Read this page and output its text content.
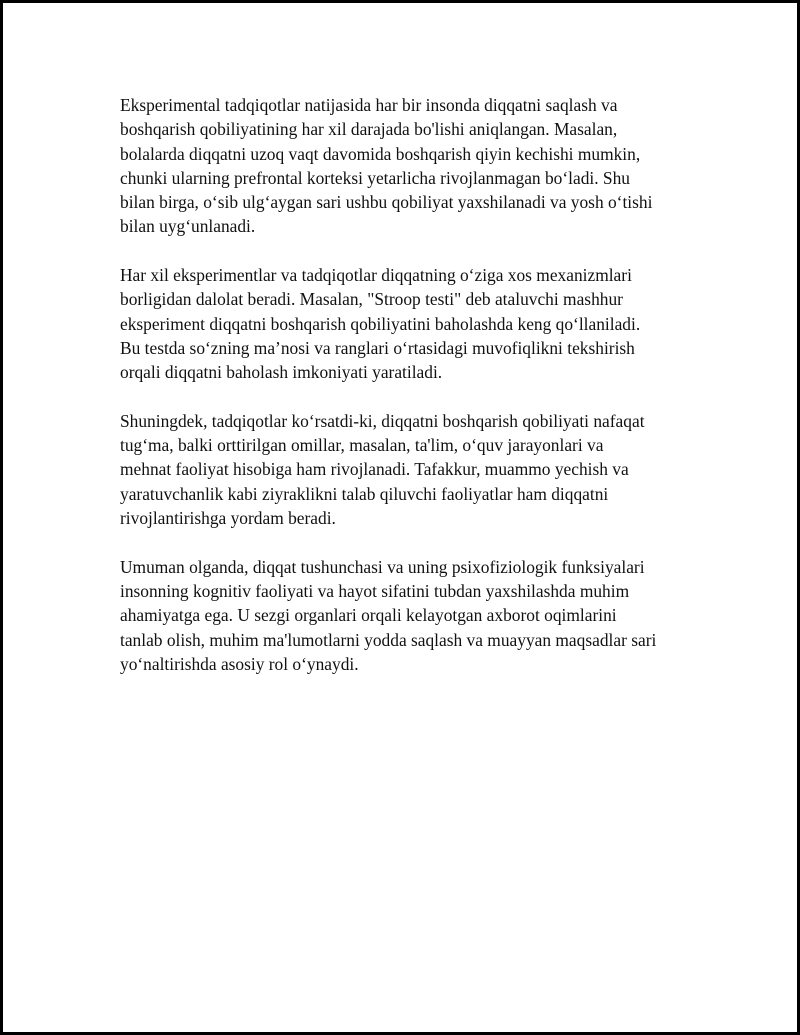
Eksperimental tadqiqotlar natijasida har bir insonda diqqatni saqlash va
boshqarish qobiliyatining har xil darajada bo'lishi aniqlangan. Masalan,
bolalarda diqqatni uzoq vaqt davomida boshqarish qiyin kechishi mumkin,
chunki ularning prefrontal korteksi yetarlicha rivojlanmagan bo‘ladi. Shu
bilan birga, o‘sib ulg‘aygan sari ushbu qobiliyat yaxshilanadi va yosh o‘tishi
bilan uyg‘unlanadi.

Har xil eksperimentlar va tadqiqotlar diqqatning o‘ziga xos mexanizmlari
borligidan dalolat beradi. Masalan, "Stroop testi" deb ataluvchi mashhur
eksperiment diqqatni boshqarish qobiliyatini baholashda keng qo‘llaniladi.
Bu testda so‘zning ma’nosi va ranglari o‘rtasidagi muvofiqlikni tekshirish
orqali diqqatni baholash imkoniyati yaratiladi.

Shuningdek, tadqiqotlar ko‘rsatdi-ki, diqqatni boshqarish qobiliyati nafaqat
tug‘ma, balki orttirilgan omillar, masalan, ta'lim, o‘quv jarayonlari va
mehnat faoliyat hisobiga ham rivojlanadi. Tafakkur, muammo yechish va
yaratuvchanlik kabi ziyraklikni talab qiluvchi faoliyatlar ham diqqatni
rivojlantirishga yordam beradi.

Umuman olganda, diqqat tushunchasi va uning psixofiziologik funksiyalari
insonning kognitiv faoliyati va hayot sifatini tubdan yaxshilashda muhim
ahamiyatga ega. U sezgi organlari orqali kelayotgan axborot oqimlarini
tanlab olish, muhim ma'lumotlarni yodda saqlash va muayyan maqsadlar sari
yo‘naltirishda asosiy rol o‘ynaydi.
